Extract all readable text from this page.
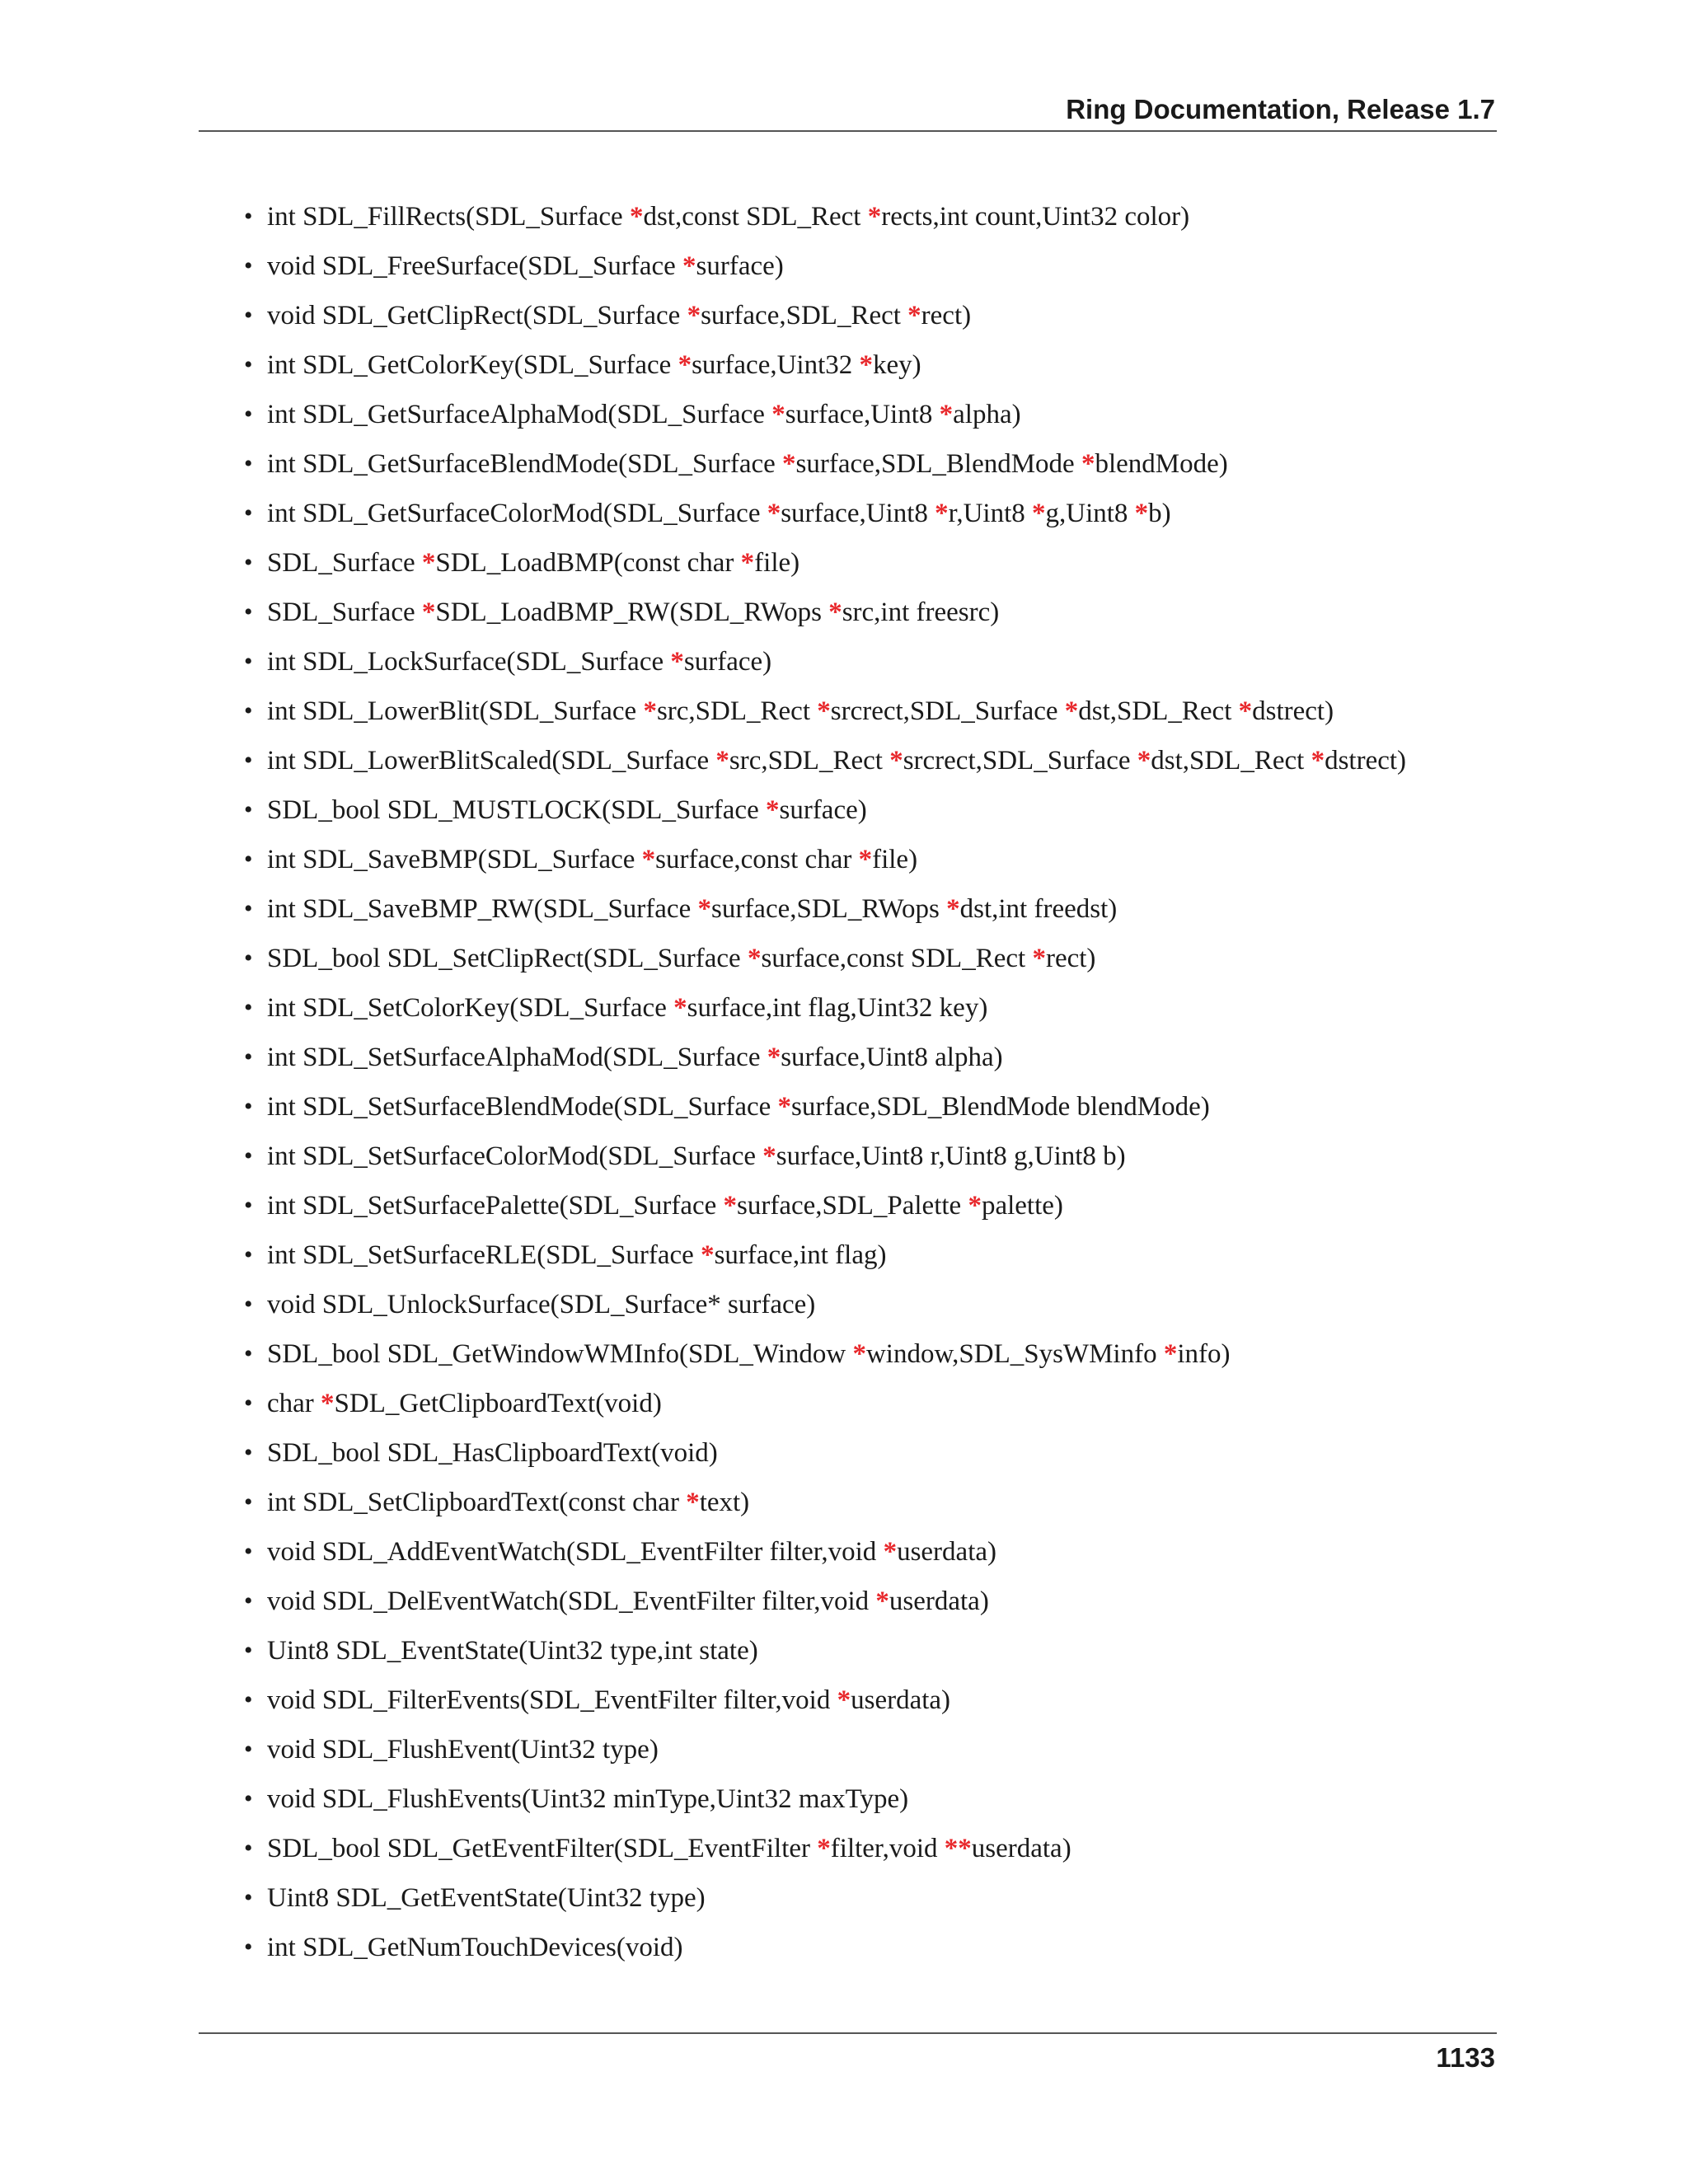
Ring Documentation, Release 1.7
• int SDL_FillRects(SDL_Surface *dst,const SDL_Rect *rects,int count,Uint32 color)
• void SDL_FreeSurface(SDL_Surface *surface)
• void SDL_GetClipRect(SDL_Surface *surface,SDL_Rect *rect)
• int SDL_GetColorKey(SDL_Surface *surface,Uint32 *key)
• int SDL_GetSurfaceAlphaMod(SDL_Surface *surface,Uint8 *alpha)
• int SDL_GetSurfaceBlendMode(SDL_Surface *surface,SDL_BlendMode *blendMode)
• int SDL_GetSurfaceColorMod(SDL_Surface *surface,Uint8 *r,Uint8 *g,Uint8 *b)
• SDL_Surface *SDL_LoadBMP(const char *file)
• SDL_Surface *SDL_LoadBMP_RW(SDL_RWops *src,int freesrc)
• int SDL_LockSurface(SDL_Surface *surface)
• int SDL_LowerBlit(SDL_Surface *src,SDL_Rect *srcrect,SDL_Surface *dst,SDL_Rect *dstrect)
• int SDL_LowerBlitScaled(SDL_Surface *src,SDL_Rect *srcrect,SDL_Surface *dst,SDL_Rect *dstrect)
• SDL_bool SDL_MUSTLOCK(SDL_Surface *surface)
• int SDL_SaveBMP(SDL_Surface *surface,const char *file)
• int SDL_SaveBMP_RW(SDL_Surface *surface,SDL_RWops *dst,int freedst)
• SDL_bool SDL_SetClipRect(SDL_Surface *surface,const SDL_Rect *rect)
• int SDL_SetColorKey(SDL_Surface *surface,int flag,Uint32 key)
• int SDL_SetSurfaceAlphaMod(SDL_Surface *surface,Uint8 alpha)
• int SDL_SetSurfaceBlendMode(SDL_Surface *surface,SDL_BlendMode blendMode)
• int SDL_SetSurfaceColorMod(SDL_Surface *surface,Uint8 r,Uint8 g,Uint8 b)
• int SDL_SetSurfacePalette(SDL_Surface *surface,SDL_Palette *palette)
• int SDL_SetSurfaceRLE(SDL_Surface *surface,int flag)
• void SDL_UnlockSurface(SDL_Surface* surface)
• SDL_bool SDL_GetWindowWMInfo(SDL_Window *window,SDL_SysWMinfo *info)
• char *SDL_GetClipboardText(void)
• SDL_bool SDL_HasClipboardText(void)
• int SDL_SetClipboardText(const char *text)
• void SDL_AddEventWatch(SDL_EventFilter filter,void *userdata)
• void SDL_DelEventWatch(SDL_EventFilter filter,void *userdata)
• Uint8 SDL_EventState(Uint32 type,int state)
• void SDL_FilterEvents(SDL_EventFilter filter,void *userdata)
• void SDL_FlushEvent(Uint32 type)
• void SDL_FlushEvents(Uint32 minType,Uint32 maxType)
• SDL_bool SDL_GetEventFilter(SDL_EventFilter *filter,void **userdata)
• Uint8 SDL_GetEventState(Uint32 type)
• int SDL_GetNumTouchDevices(void)
1133
